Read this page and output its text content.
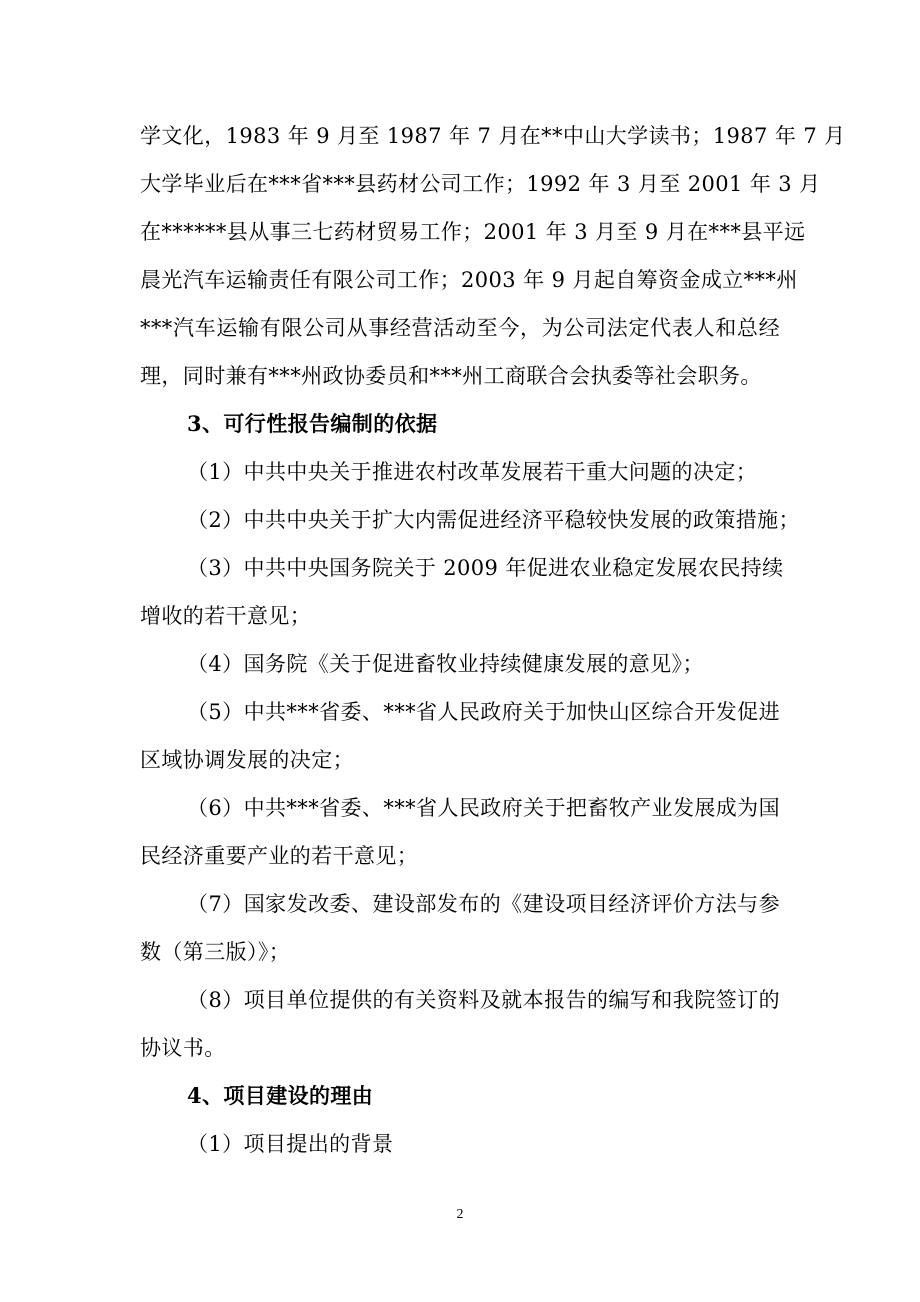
学文化，1983 年 9 月至 1987 年 7 月在**中山大学读书；1987 年 7 月
大学毕业后在***省***县药材公司工作；1992 年 3 月至 2001 年 3 月
在******县从事三七药材贸易工作；2001 年 3 月至 9 月在***县平远
晨光汽车运输责任有限公司工作；2003 年 9 月起自筹资金成立***州
***汽车运输有限公司从事经营活动至今，为公司法定代表人和总经
理，同时兼有***州政协委员和***州工商联合会执委等社会职务。
3、可行性报告编制的依据
（1）中共中央关于推进农村改革发展若干重大问题的决定；
（2）中共中央关于扩大内需促进经济平稳较快发展的政策措施；
（3）中共中央国务院关于 2009 年促进农业稳定发展农民持续
增收的若干意见；
（4）国务院《关于促进畜牧业持续健康发展的意见》；
（5）中共***省委、***省人民政府关于加快山区综合开发促进
区域协调发展的决定；
（6）中共***省委、***省人民政府关于把畜牧产业发展成为国
民经济重要产业的若干意见；
（7）国家发改委、建设部发布的《建设项目经济评价方法与参
数（第三版）》；
（8）项目单位提供的有关资料及就本报告的编写和我院签订的
协议书。
4、项目建设的理由
（1）项目提出的背景
2
